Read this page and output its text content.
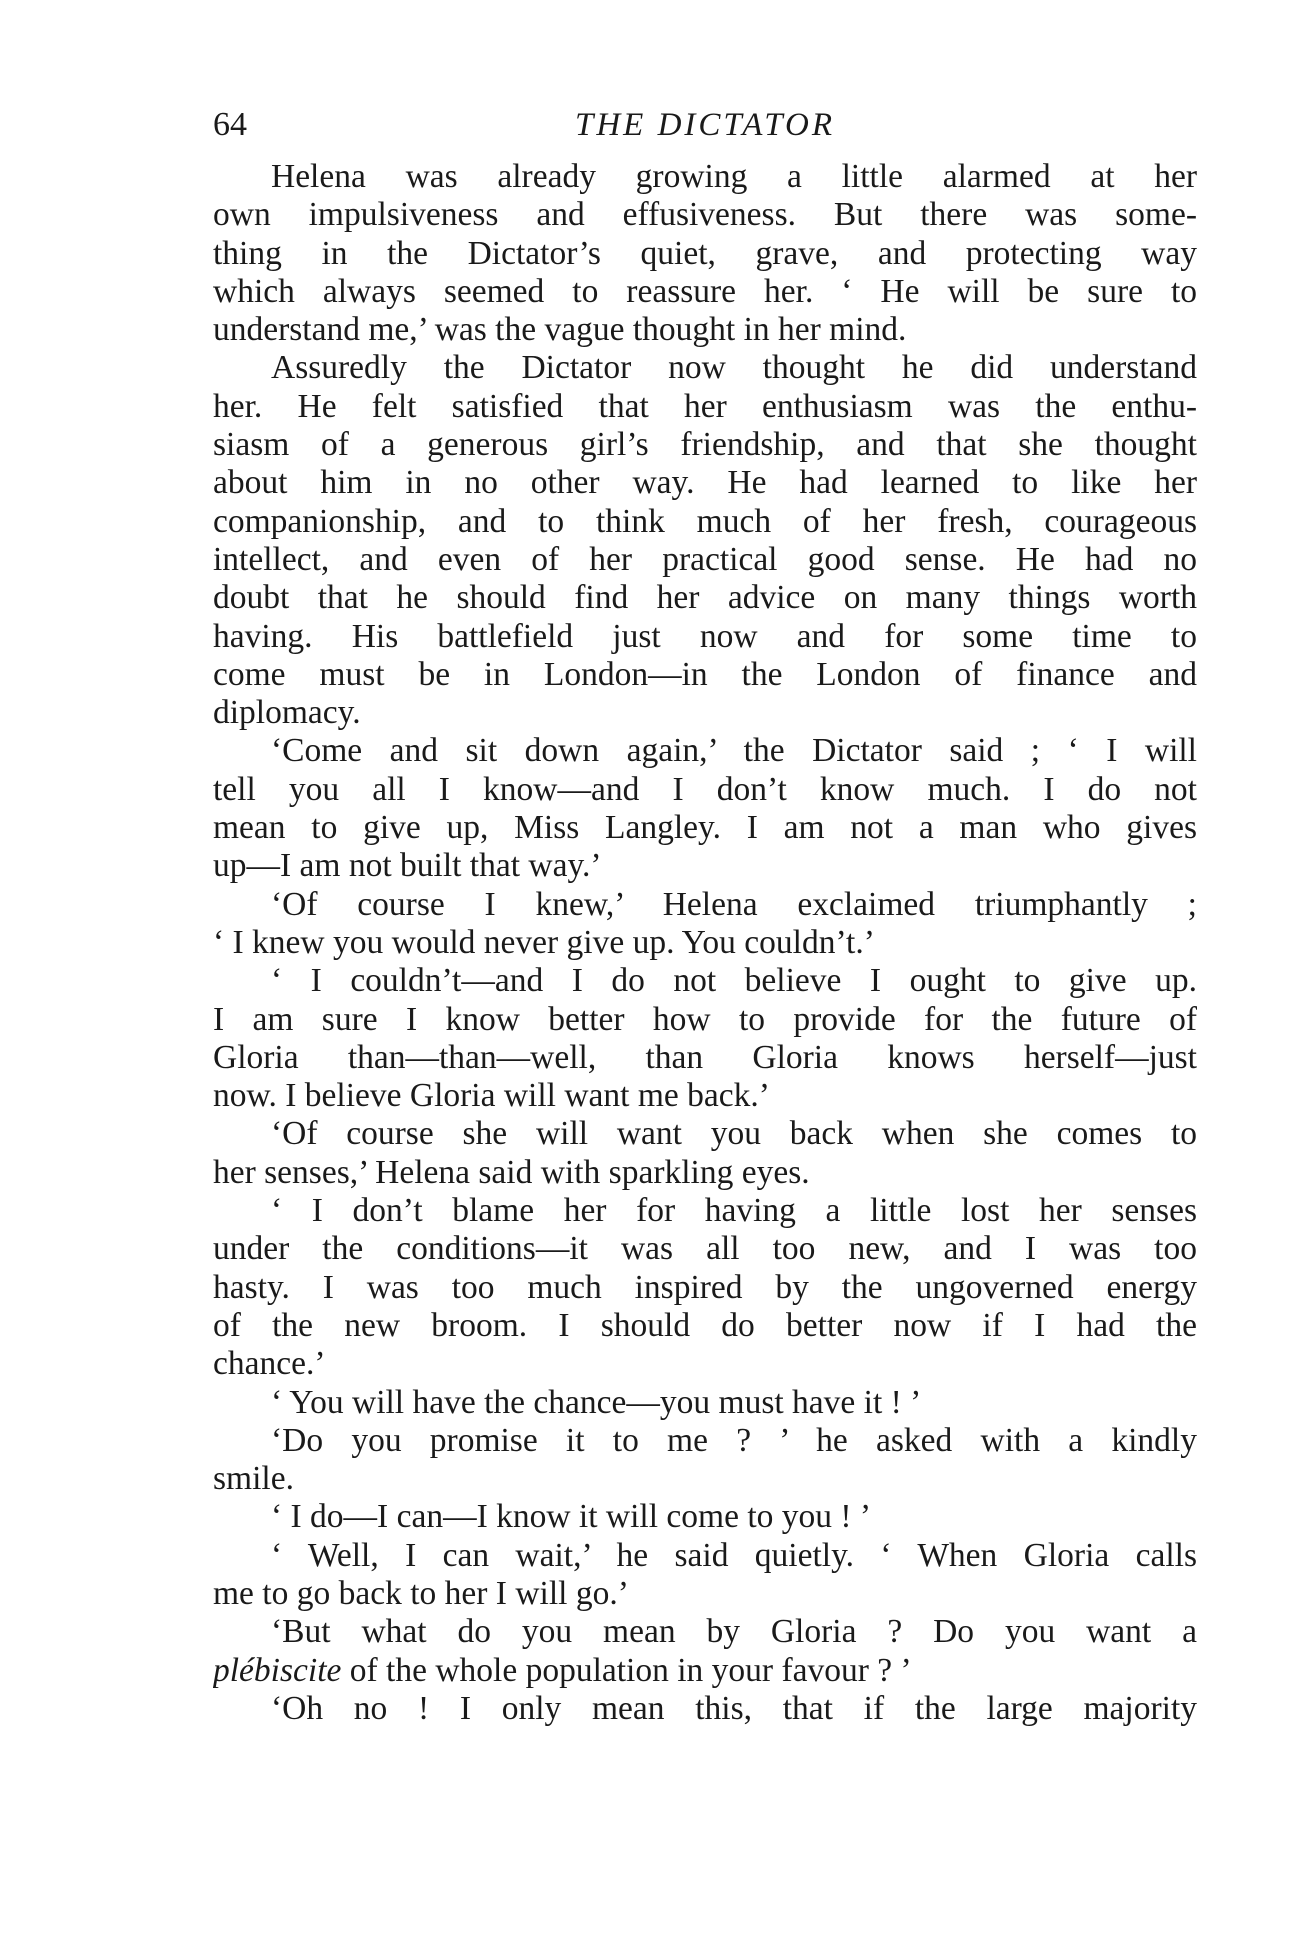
64	THE DICTATOR
Helena was already growing a little alarmed at her
own impulsiveness and effusiveness. But there was some-
thing in the Dictator’s quiet, grave, and protecting way
which always seemed to reassure her. ‘ He will be sure to
understand me,’ was the vague thought in her mind.
Assuredly the Dictator now thought he did understand
her. He felt satisfied that her enthusiasm was the enthu-
siasm of a generous girl’s friendship, and that she thought
about him in no other way. He had learned to like her
companionship, and to think much of her fresh, courageous
intellect, and even of her practical good sense. He had no
doubt that he should find her advice on many things worth
having. His battlefield just now and for some time to
come must be in London—in the London of finance and
diplomacy.
‘Come and sit down again,’ the Dictator said ; ‘ I will
tell you all I know—and I don’t know much. I do not
mean to give up, Miss Langley. I am not a man who gives
up—I am not built that way.’
‘Of course I knew,’ Helena exclaimed triumphantly ;
‘ I knew you would never give up. You couldn’t.’
‘ I couldn’t—and I do not believe I ought to give up.
I am sure I know better how to provide for the future of
Gloria than—than—well, than Gloria knows herself—just
now. I believe Gloria will want me back.’
‘Of course she will want you back when she comes to
her senses,’ Helena said with sparkling eyes.
‘ I don’t blame her for having a little lost her senses
under the conditions—it was all too new, and I was too
hasty. I was too much inspired by the ungoverned energy
of the new broom. I should do better now if I had the
chance.’
‘ You will have the chance—you must have it ! ’
‘Do you promise it to me ? ’ he asked with a kindly
smile.
‘ I do—I can—I know it will come to you ! ’
‘ Well, I can wait,’ he said quietly. ‘ When Gloria calls
me to go back to her I will go.’
‘But what do you mean by Gloria ? Do you want a
plébiscite of the whole population in your favour ? ’
‘Oh no ! I only mean this, that if the large majority
